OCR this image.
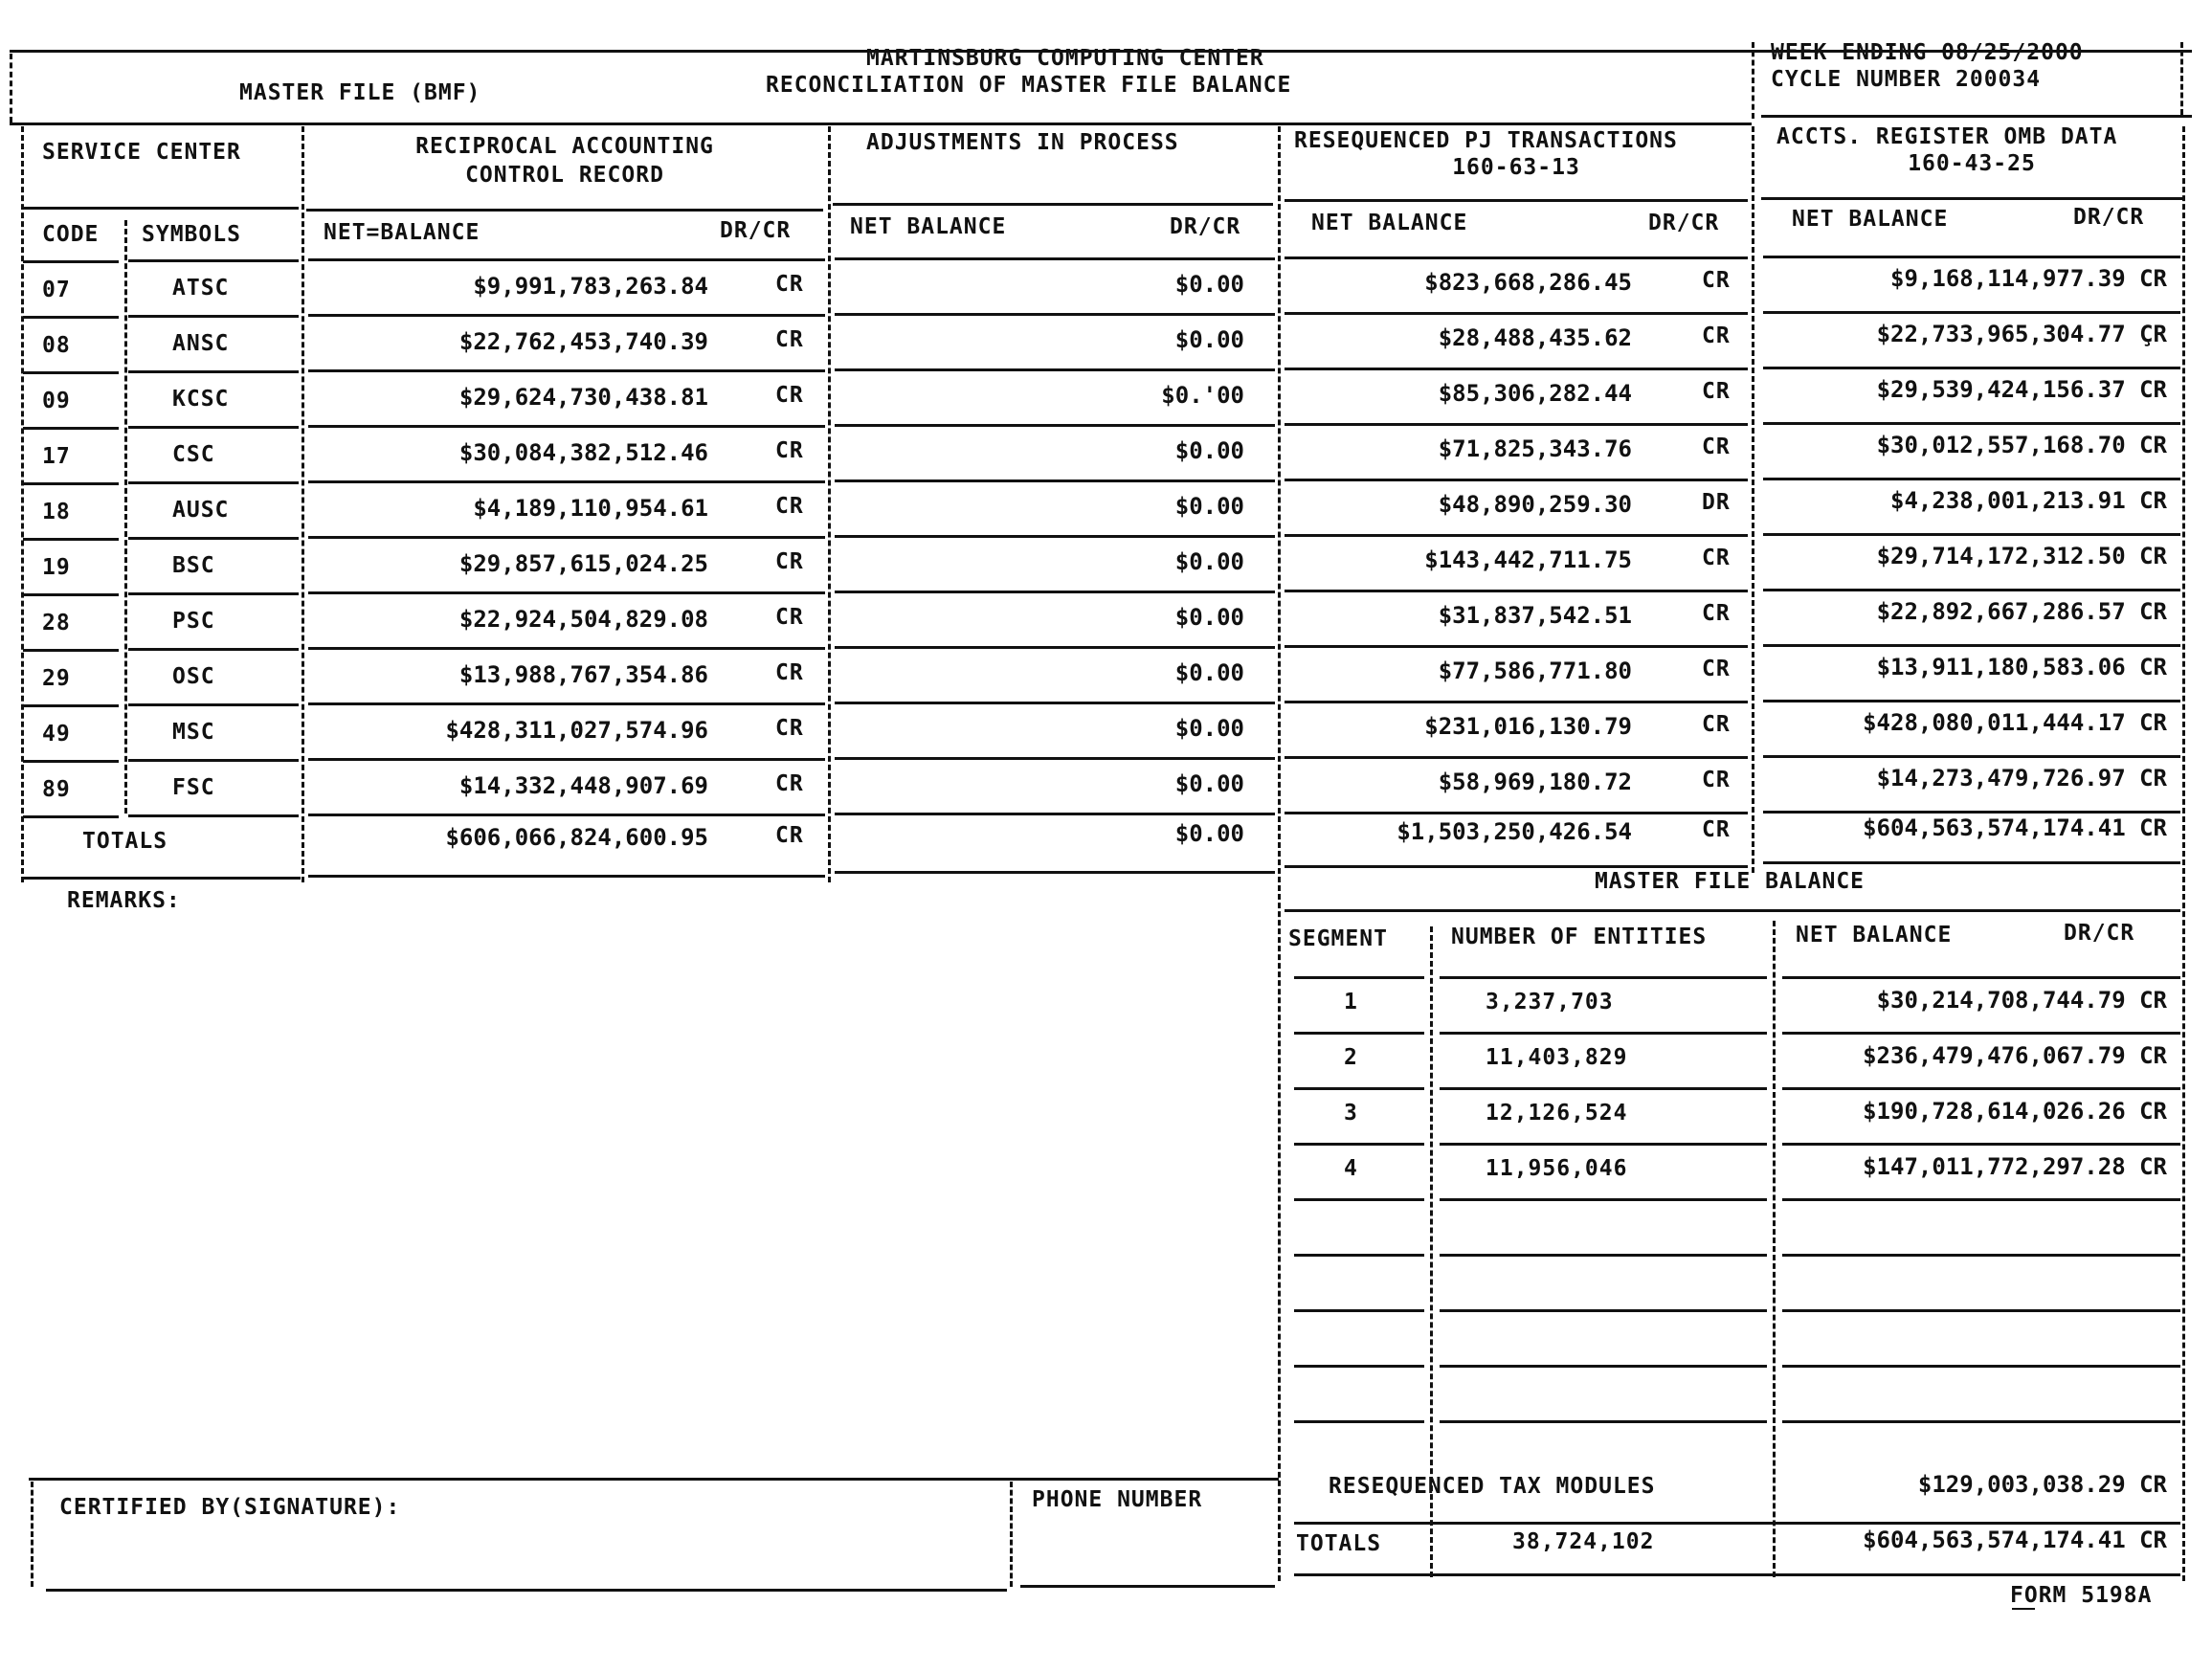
MASTER FILE (BMF)
MARTINSBURG COMPUTING CENTER
RECONCILIATION OF MASTER FILE BALANCE
WEEK ENDING 08/25/2000
CYCLE NUMBER 200034
SERVICE CENTER	RECIPROCAL ACCOUNTING
CONTROL RECORD
ADJUSTMENTS IN PROCESS	RESEQUENCED PJ TRANSACTIONS
160-63-13
ACCTS. REGISTER OMB DATA
160-43-25
CODE SYMBOLS	NET=BALANCE	DR/CR	NET BALANCE	DR/CR	NET BALANCE	DR/CR	NET BALANCE	DR/CR
07	ATSC	$9,991,783,263.84	CR	$0.00	$823,668,286.45	CR	$9,168,114,977.39 CR
08	ANSC	$22,762,453,740.39	CR	$0.00	$28,488,435.62	CR	$22,733,965,304.77 ÇR
09	KCSC	$29,624,730,438.81	CR	$0.'00	$85,306,282.44	CR	$29,539,424,156.37 CR
17	CSC	$30,084,382,512.46	CR	$0.00	$71,825,343.76	CR	$30,012,557,168.70 CR
18	AUSC	$4,189,110,954.61	CR	$0.00	$48,890,259.30	DR	$4,238,001,213.91 CR
19	BSC	$29,857,615,024.25	CR	$0.00	$143,442,711.75	CR	$29,714,172,312.50 CR
28	PSC	$22,924,504,829.08	CR	$0.00	$31,837,542.51	CR	$22,892,667,286.57 CR
29	OSC	$13,988,767,354.86	CR	$0.00	$77,586,771.80	CR	$13,911,180,583.06 CR
49	MSC	$428,311,027,574.96	CR	$0.00	$231,016,130.79	CR	$428,080,011,444.17 CR
89	FSC	$14,332,448,907.69	CR	$0.00	$58,969,180.72	CR	$14,273,479,726.97 CR
TOTALS	$606,066,824,600.95	CR	$0.00	$1,503,250,426.54	CR	$604,563,574,174.41 CR
REMARKS:
MASTER FILE BALANCE
SEGMENT	NUMBER OF ENTITIES	NET BALANCE	DR/CR
1	3,237,703	$30,214,708,744.79 CR
2	11,403,829	$236,479,476,067.79 CR
3	12,126,524	$190,728,614,026.26 CR
4	11,956,046	$147,011,772,297.28 CR
RESEQUENCED TAX MODULES	$129,003,038.29 CR
TOTALS	38,724,102	$604,563,574,174.41 CR
CERTIFIED BY(SIGNATURE):	PHONE NUMBER
FORM 5198A
